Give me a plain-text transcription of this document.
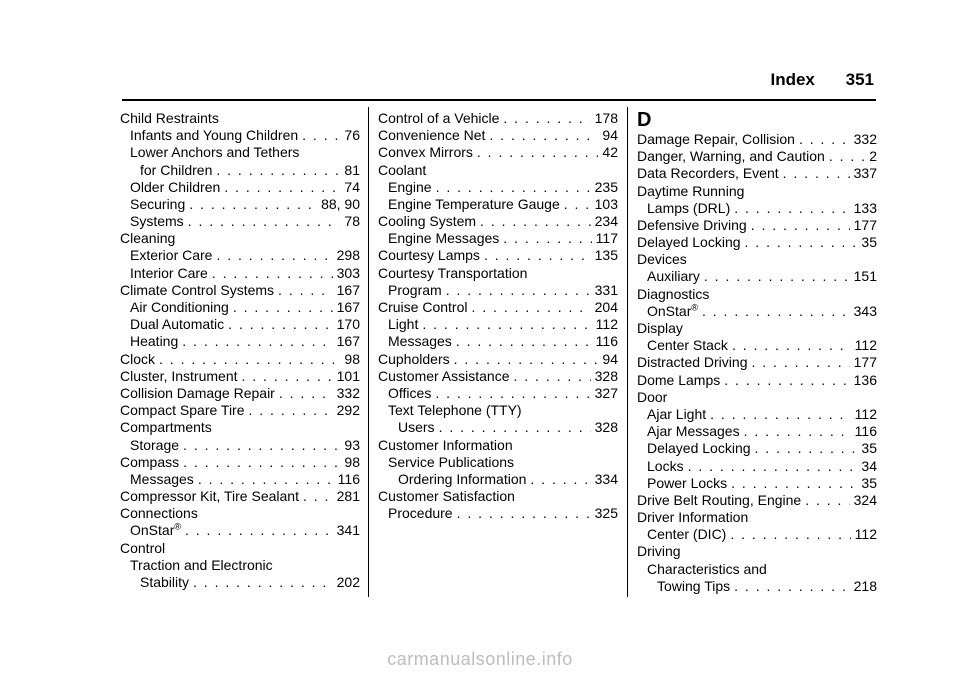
Index 351
Child Restraints
Infants and Young Children . . .	76
Lower Anchors and Tethers
for Children . . .	81
Older Children . . .	74
Securing . . .	88, 90
Systems . . .	78
Cleaning
Exterior Care . . .	298
Interior Care . . .	303
Climate Control Systems . . .	167
Air Conditioning . . .	167
Dual Automatic . . .	170
Heating . . .	167
Clock . . .	98
Cluster, Instrument . . .	101
Collision Damage Repair . . .	332
Compact Spare Tire . . .	292
Compartments
Storage . . .	93
Compass . . .	98
Messages . . .	116
Compressor Kit, Tire Sealant . . .	281
Connections
OnStar® . . .	341
Control
Traction and Electronic
Stability . . .	202
Control of a Vehicle . . .	178
Convenience Net . . .	94
Convex Mirrors . . .	42
Coolant
Engine . . .	235
Engine Temperature Gauge . . . 103
Cooling System . . .	234
Engine Messages . . .	117
Courtesy Lamps . . .	135
Courtesy Transportation
Program . . .	331
Cruise Control . . .	204
Light . . .	112
Messages . . .	116
Cupholders . . .	94
Customer Assistance . . .	328
Offices . . .	327
Text Telephone (TTY)
Users . . .	328
Customer Information
Service Publications
Ordering Information . . .	334
Customer Satisfaction
Procedure . . .	325
D
Damage Repair, Collision . . .	332
Danger, Warning, and Caution . . .	2
Data Recorders, Event . . .	337
Daytime Running
Lamps (DRL) . . .	133
Defensive Driving . . .	177
Delayed Locking . . .	35
Devices
Auxiliary . . .	151
Diagnostics
OnStar® . . .	343
Display
Center Stack . . .	112
Distracted Driving . . .	177
Dome Lamps . . .	136
Door
Ajar Light . . .	112
Ajar Messages . . .	116
Delayed Locking . . .	35
Locks . . .	34
Power Locks . . .	35
Drive Belt Routing, Engine . . .	324
Driver Information
Center (DIC) . . .	112
Driving
Characteristics and
Towing Tips . . .	218
carmanualsonline.info
